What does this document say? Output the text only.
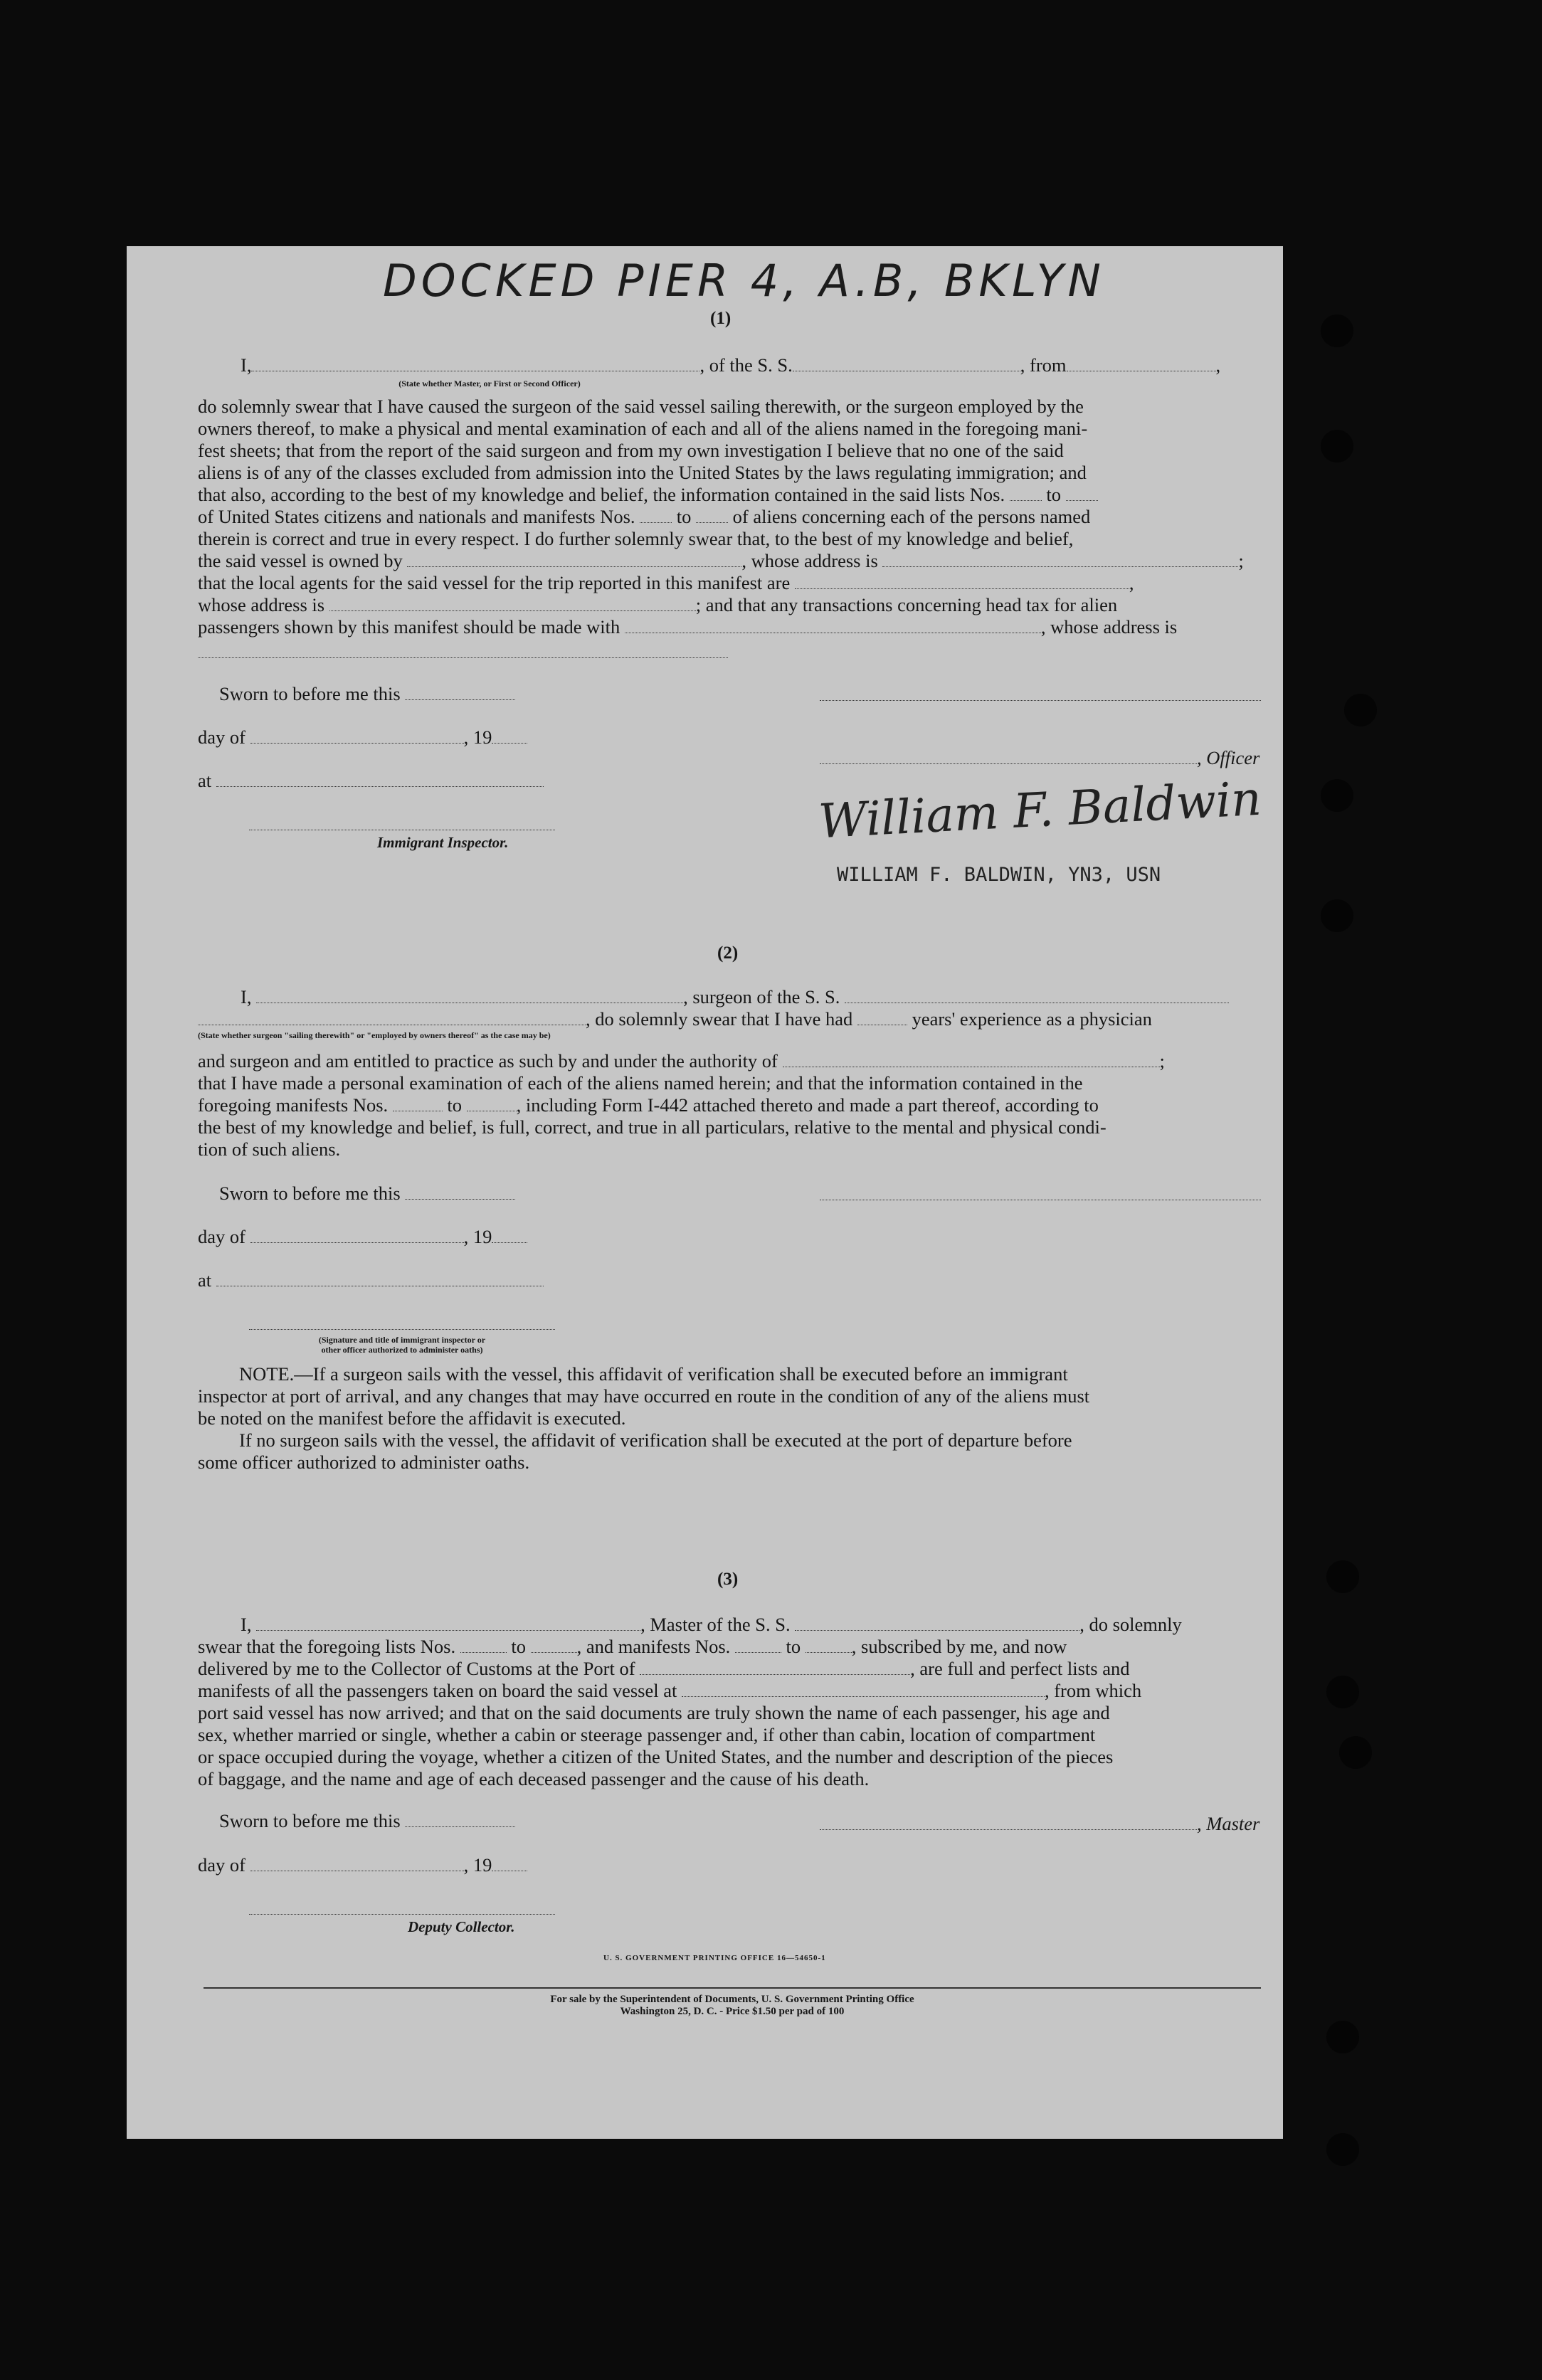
DOCKED PIER 4, A.B, BKLYN
(1)
I,	, of the S. S.	, from	,
(State whether Master, or First or Second Officer)
do solemnly swear that I have caused the surgeon of the said vessel sailing therewith, or the surgeon employed by the
owners thereof, to make a physical and mental examination of each and all of the aliens named in the foregoing mani-
fest sheets; that from the report of the said surgeon and from my own investigation I believe that no one of the said
aliens is of any of the classes excluded from admission into the United States by the laws regulating immigration; and
that also, according to the best of my knowledge and belief, the information contained in the said lists Nos. to
of United States citizens and nationals and manifests Nos. to of aliens concerning each of the persons named
therein is correct and true in every respect. I do further solemnly swear that, to the best of my knowledge and belief,
the said vessel is owned by	, whose address is	;
that the local agents for the said vessel for the trip reported in this manifest are	,
whose address is	; and that any transactions concerning head tax for alien
passengers shown by this manifest should be made with	, whose address is
Sworn to before me this
day of	, 19
at
Immigrant Inspector.
, Officer
William F. Baldwin
WILLIAM F. BALDWIN, YN3, USN
(2)
I,	, surgeon of the S. S.
, do solemnly swear that I have had	years' experience as a physician
(State whether surgeon "sailing therewith" or "employed by owners thereof" as the case may be)
and surgeon and am entitled to practice as such by and under the authority of	;
that I have made a personal examination of each of the aliens named herein; and that the information contained in the
foregoing manifests Nos.	to	, including Form I-442 attached thereto and made a part thereof, according to
the best of my knowledge and belief, is full, correct, and true in all particulars, relative to the mental and physical condi-
tion of such aliens.
Sworn to before me this
day of	, 19
at
(Signature and title of immigrant inspector or
other officer authorized to administer oaths)
NOTE.—If a surgeon sails with the vessel, this affidavit of verification shall be executed before an immigrant
inspector at port of arrival, and any changes that may have occurred en route in the condition of any of the aliens must
be noted on the manifest before the affidavit is executed.
If no surgeon sails with the vessel, the affidavit of verification shall be executed at the port of departure before
some officer authorized to administer oaths.
(3)
I,	, Master of the S. S.	, do solemnly
swear that the foregoing lists Nos.	to	, and manifests Nos.	to	, subscribed by me, and now
delivered by me to the Collector of Customs at the Port of	, are full and perfect lists and
manifests of all the passengers taken on board the said vessel at	, from which
port said vessel has now arrived; and that on the said documents are truly shown the name of each passenger, his age and
sex, whether married or single, whether a cabin or steerage passenger and, if other than cabin, location of compartment
or space occupied during the voyage, whether a citizen of the United States, and the number and description of the pieces
of baggage, and the name and age of each deceased passenger and the cause of his death.
Sworn to before me this	, Master
day of	, 19
Deputy Collector.
U. S. GOVERNMENT PRINTING OFFICE 16—54650-1
For sale by the Superintendent of Documents, U. S. Government Printing Office
Washington 25, D. C. - Price $1.50 per pad of 100
